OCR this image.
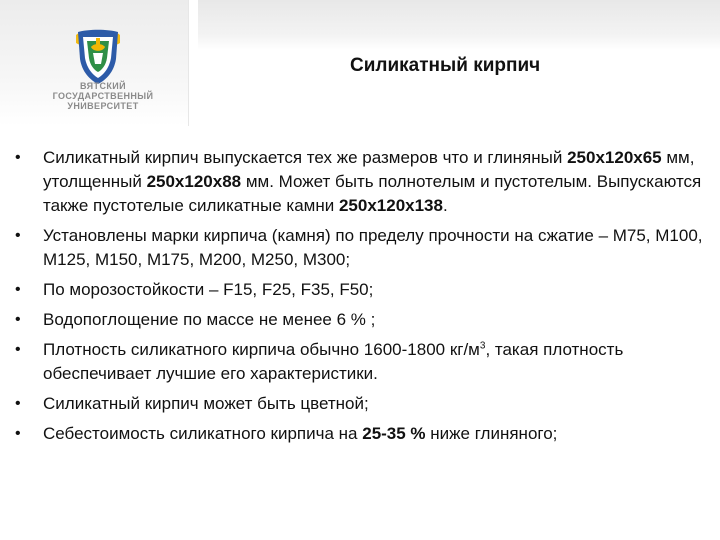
ВЯТСКИЙ
ГОСУДАРСТВЕННЫЙ
УНИВЕРСИТЕТ
Силикатный кирпич
• Силикатный кирпич выпускается тех же размеров что и глиняный 250x120x65 мм, утолщенный 250x120x88 мм. Может быть полнотелым и пустотелым. Выпускаются также пустотелые силикатные камни 250x120x138.
• Установлены марки кирпича (камня) по пределу прочности на сжатие – М75, М100, М125, М150, М175, М200, М250, М300;
• По морозостойкости – F15, F25, F35, F50;
• Водопоглощение по массе не менее 6 % ;
• Плотность силикатного кирпича обычно 1600-1800 $кг/м^3$, такая плотность обеспечивает лучшие его характеристики.
• Силикатный кирпич может быть цветной;
• Себестоимость силикатного кирпича на 25-35 % ниже глиняного;
